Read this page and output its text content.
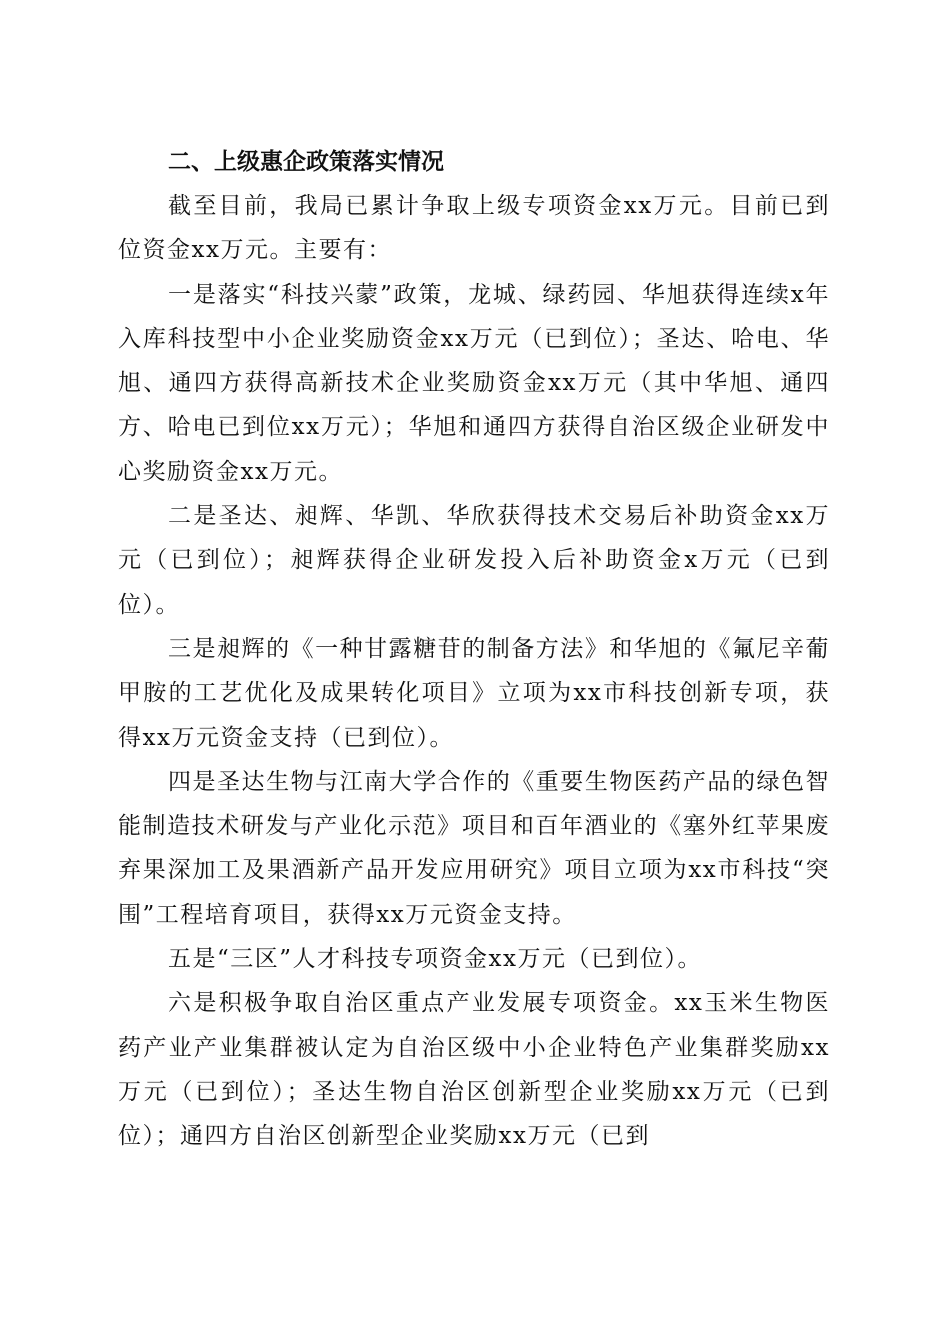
二、上级惠企政策落实情况

截至目前，我局已累计争取上级专项资金xx万元。目前已到位资金xx万元。主要有：

一是落实“科技兴蒙”政策，龙城、绿药园、华旭获得连续x年入库科技型中小企业奖励资金xx万元（已到位）；圣达、哈电、华旭、通四方获得高新技术企业奖励资金xx万元（其中华旭、通四方、哈电已到位xx万元）；华旭和通四方获得自治区级企业研发中心奖励资金xx万元。

二是圣达、昶辉、华凯、华欣获得技术交易后补助资金xx万元（已到位）；昶辉获得企业研发投入后补助资金x万元（已到位）。

三是昶辉的《一种甘露糖苷的制备方法》和华旭的《氟尼辛葡甲胺的工艺优化及成果转化项目》立项为xx市科技创新专项，获得xx万元资金支持（已到位）。

四是圣达生物与江南大学合作的《重要生物医药产品的绿色智能制造技术研发与产业化示范》项目和百年酒业的《塞外红苹果废弃果深加工及果酒新产品开发应用研究》项目立项为xx市科技“突围”工程培育项目，获得xx万元资金支持。

五是“三区”人才科技专项资金xx万元（已到位）。

六是积极争取自治区重点产业发展专项资金。xx玉米生物医药产业产业集群被认定为自治区级中小企业特色产业集群奖励xx万元（已到位）；圣达生物自治区创新型企业奖励xx万元（已到位）；通四方自治区创新型企业奖励xx万元（已到
